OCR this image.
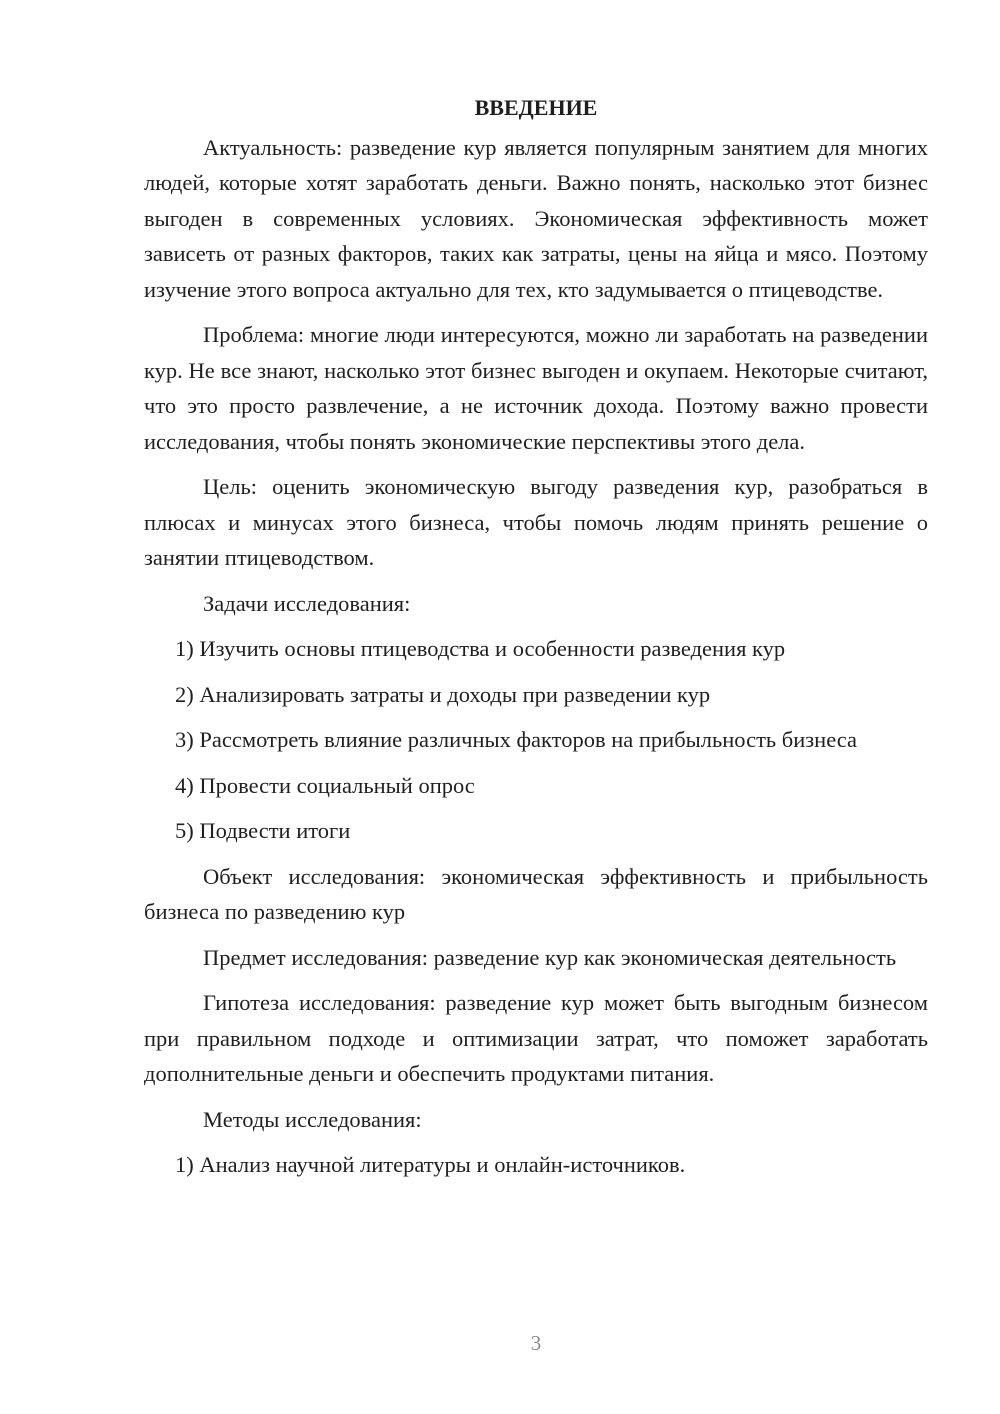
ВВЕДЕНИЕ

Актуальность: разведение кур является популярным занятием для многих людей, которые хотят заработать деньги. Важно понять, насколько этот бизнес выгоден в современных условиях. Экономическая эффективность может зависеть от разных факторов, таких как затраты, цены на яйца и мясо. Поэтому изучение этого вопроса актуально для тех, кто задумывается о птицеводстве.

Проблема: многие люди интересуются, можно ли заработать на разведении кур. Не все знают, насколько этот бизнес выгоден и окупаем. Некоторые считают, что это просто развлечение, а не источник дохода. Поэтому важно провести исследования, чтобы понять экономические перспективы этого дела.

Цель: оценить экономическую выгоду разведения кур, разобраться в плюсах и минусах этого бизнеса, чтобы помочь людям принять решение о занятии птицеводством.

Задачи исследования:

1) Изучить основы птицеводства и особенности разведения кур

2) Анализировать затраты и доходы при разведении кур

3) Рассмотреть влияние различных факторов на прибыльность бизнеса

4) Провести социальный опрос

5) Подвести итоги

Объект исследования: экономическая эффективность и прибыльность бизнеса по разведению кур

Предмет исследования: разведение кур как экономическая деятельность

Гипотеза исследования: разведение кур может быть выгодным бизнесом при правильном подходе и оптимизации затрат, что поможет заработать дополнительные деньги и обеспечить продуктами питания.

Методы исследования:

1) Анализ научной литературы и онлайн-источников.

3
